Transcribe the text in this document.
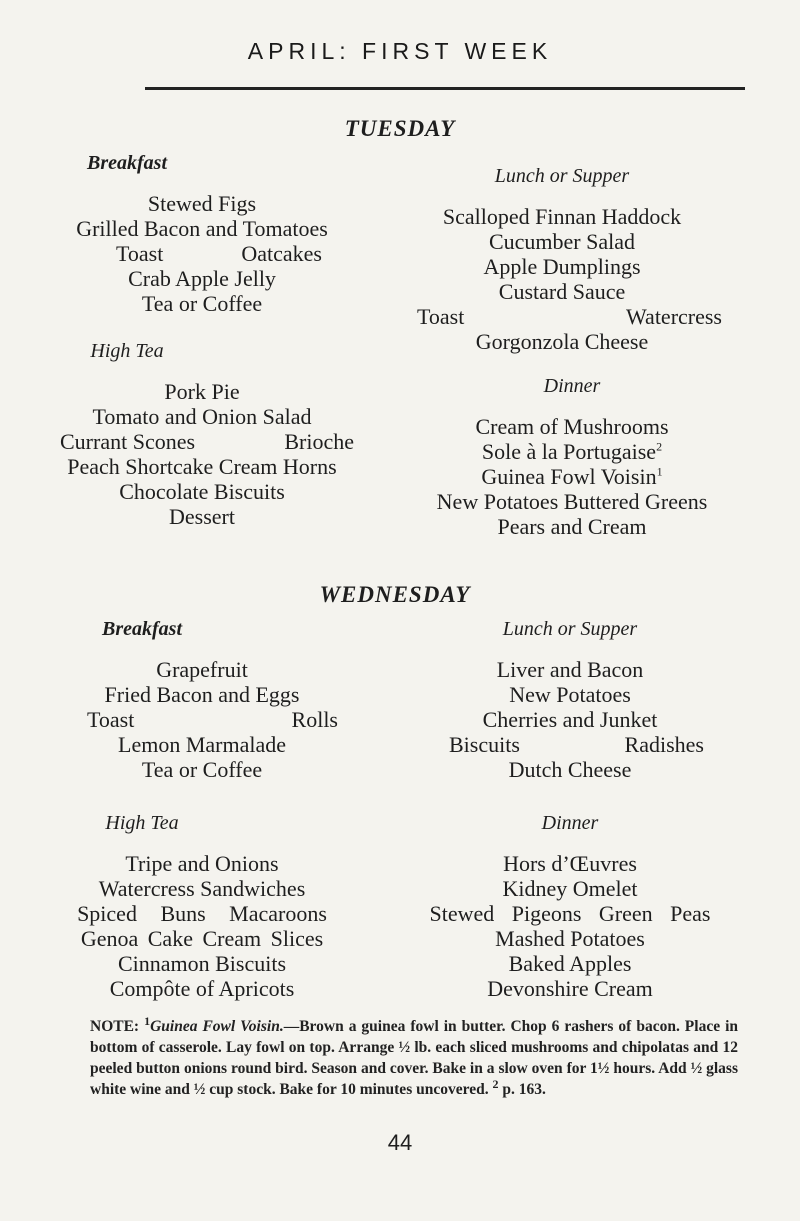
APRIL: FIRST WEEK
TUESDAY
Breakfast
Stewed Figs
Grilled Bacon and Tomatoes
Toast	Oatcakes
Crab Apple Jelly
Tea or Coffee
High Tea
Pork Pie
Tomato and Onion Salad
Currant Scones	Brioche
Peach Shortcake Cream Horns
Chocolate Biscuits
Dessert
Lunch or Supper
Scalloped Finnan Haddock
Cucumber Salad
Apple Dumplings
Custard Sauce
Toast	Watercress
Gorgonzola Cheese
Dinner
Cream of Mushrooms
Sole à la Portugaise$^2$
Guinea Fowl Voisin$^1$
New Potatoes Buttered Greens
Pears and Cream
WEDNESDAY
Breakfast
Grapefruit
Fried Bacon and Eggs
Toast	Rolls
Lemon Marmalade
Tea or Coffee
Lunch or Supper
Liver and Bacon
New Potatoes
Cherries and Junket
Biscuits	Radishes
Dutch Cheese
High Tea
Tripe and Onions
Watercress Sandwiches
Spiced Buns Macaroons
Genoa Cake Cream Slices
Cinnamon Biscuits
Compôte of Apricots
Dinner
Hors d’Œuvres
Kidney Omelet
Stewed Pigeons Green Peas
Mashed Potatoes
Baked Apples
Devonshire Cream
NOTE: $^1$Guinea Fowl Voisin.—Brown a guinea fowl in butter. Chop 6 rashers of bacon. Place in bottom of casserole. Lay fowl on top. Arrange ½ lb. each sliced mushrooms and chipolatas and 12 peeled button onions round bird. Season and cover. Bake in a slow oven for 1½ hours. Add ½ glass white wine and ½ cup stock. Bake for 10 minutes uncovered. $^2$ p. 163.
44
